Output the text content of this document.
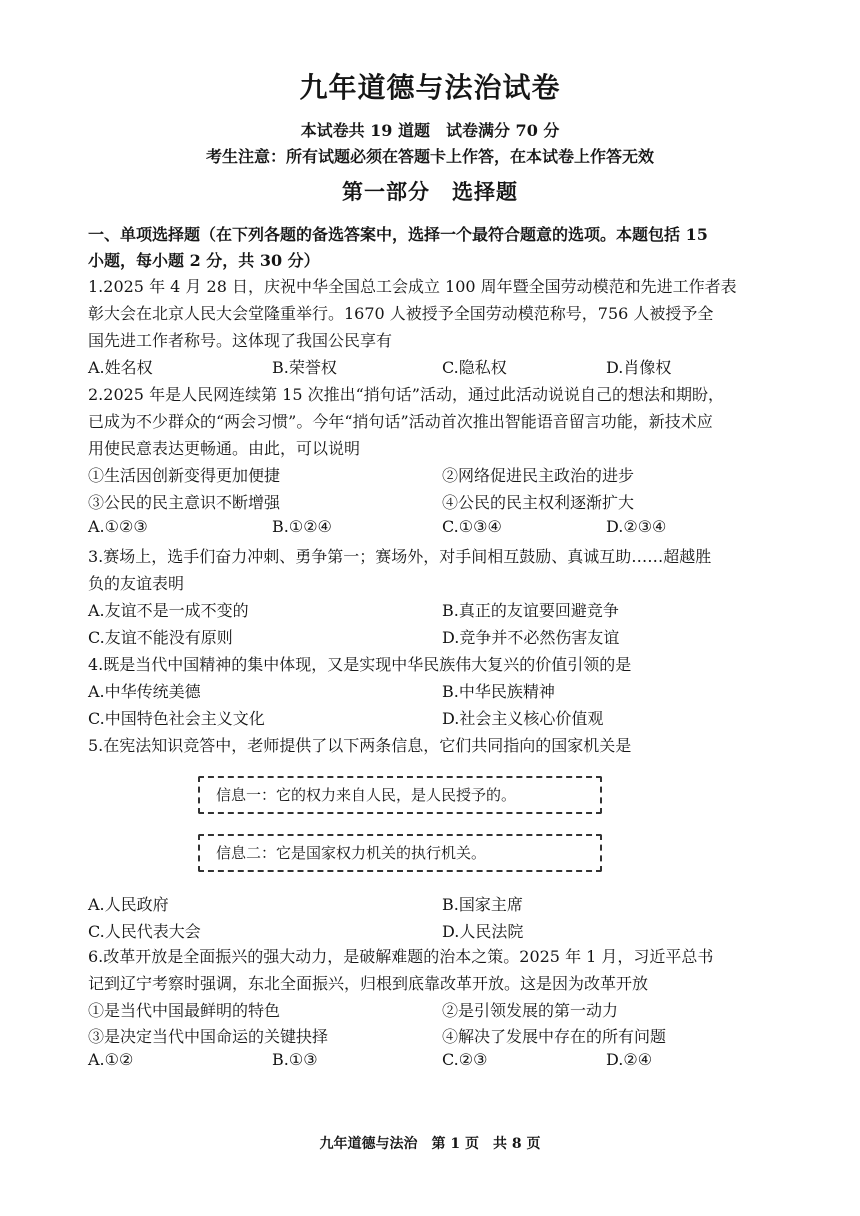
九年道德与法治试卷
本试卷共 19 道题　试卷满分 70 分
考生注意：所有试题必须在答题卡上作答，在本试卷上作答无效
第一部分　选择题
一、单项选择题（在下列各题的备选答案中，选择一个最符合题意的选项。本题包括 15
小题，每小题 2 分，共 30 分）
1.2025 年 4 月 28 日，庆祝中华全国总工会成立 100 周年暨全国劳动模范和先进工作者表
彰大会在北京人民大会堂隆重举行。1670 人被授予全国劳动模范称号，756 人被授予全
国先进工作者称号。这体现了我国公民享有
A.姓名权	B.荣誉权	C.隐私权	D.肖像权
2.2025 年是人民网连续第 15 次推出“捎句话”活动，通过此活动说说自己的想法和期盼，
已成为不少群众的“两会习惯”。今年“捎句话”活动首次推出智能语音留言功能，新技术应
用使民意表达更畅通。由此，可以说明
①生活因创新变得更加便捷	②网络促进民主政治的进步
③公民的民主意识不断增强	④公民的民主权利逐渐扩大
A.①②③	B.①②④	C.①③④	D.②③④
3.赛场上，选手们奋力冲刺、勇争第一；赛场外，对手间相互鼓励、真诚互助……超越胜
负的友谊表明
A.友谊不是一成不变的	B.真正的友谊要回避竞争
C.友谊不能没有原则	D.竞争并不必然伤害友谊
4.既是当代中国精神的集中体现，又是实现中华民族伟大复兴的价值引领的是
A.中华传统美德	B.中华民族精神
C.中国特色社会主义文化	D.社会主义核心价值观
5.在宪法知识竞答中，老师提供了以下两条信息，它们共同指向的国家机关是
信息一：它的权力来自人民，是人民授予的。
信息二：它是国家权力机关的执行机关。
A.人民政府	B.国家主席
C.人民代表大会	D.人民法院
6.改革开放是全面振兴的强大动力，是破解难题的治本之策。2025 年 1 月，习近平总书
记到辽宁考察时强调，东北全面振兴，归根到底靠改革开放。这是因为改革开放
①是当代中国最鲜明的特色	②是引领发展的第一动力
③是决定当代中国命运的关键抉择	④解决了发展中存在的所有问题
A.①②	B.①③	C.②③	D.②④
九年道德与法治　第 1 页　共 8 页
